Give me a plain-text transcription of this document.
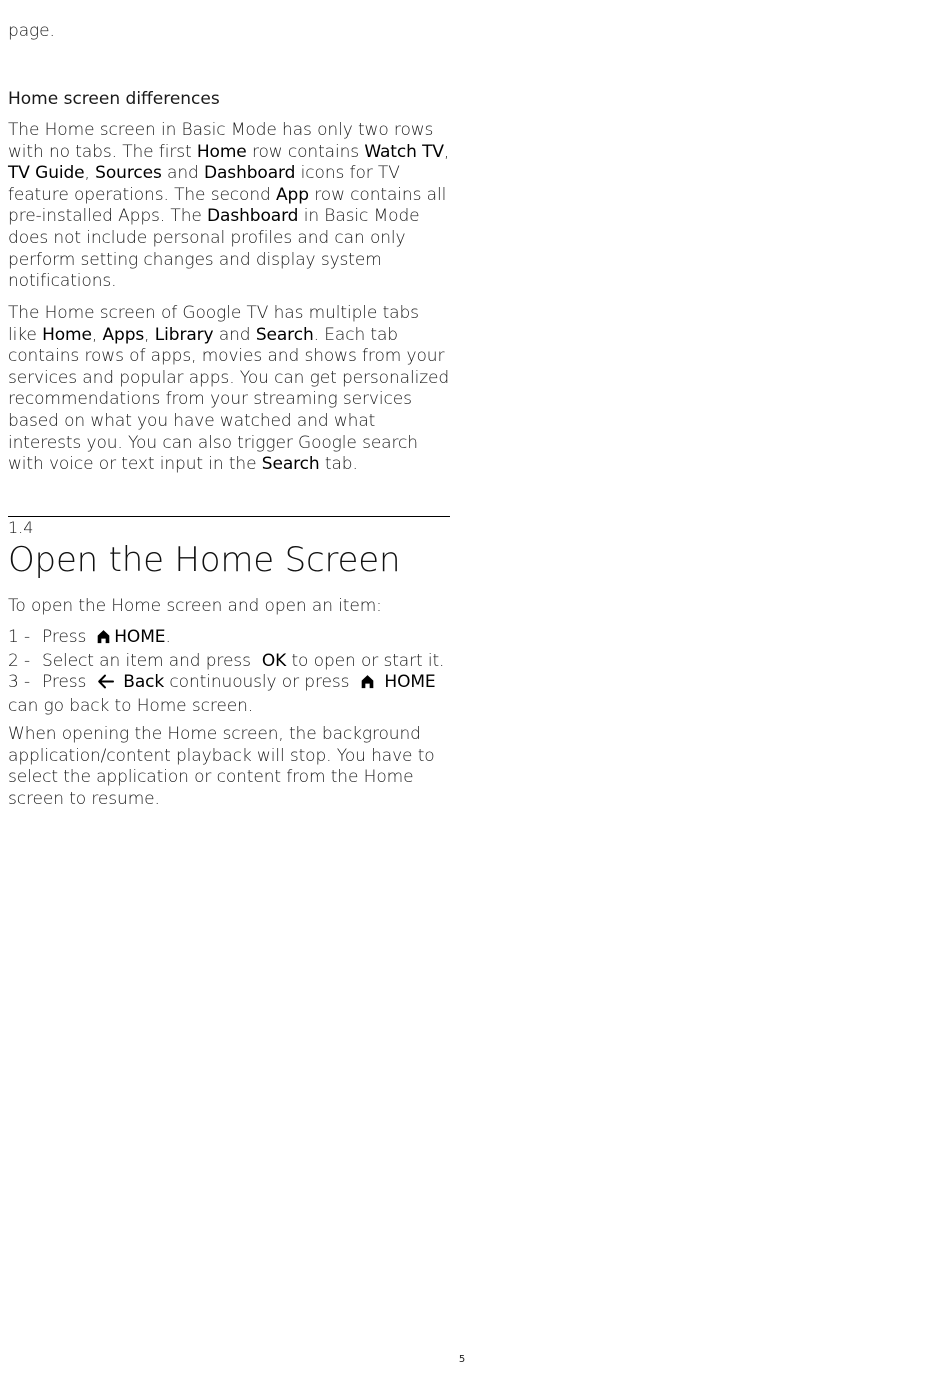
page.

Home screen differences

The Home screen in Basic Mode has only two rows with no tabs. The first Home row contains Watch TV, TV Guide, Sources and Dashboard icons for TV feature operations. The second App row contains all pre-installed Apps. The Dashboard in Basic Mode does not include personal profiles and can only perform setting changes and display system notifications.

The Home screen of Google TV has multiple tabs like Home, Apps, Library and Search. Each tab contains rows of apps, movies and shows from your services and popular apps. You can get personalized recommendations from your streaming services based on what you have watched and what interests you. You can also trigger Google search with voice or text input in the Search tab.

1.4
Open the Home Screen

To open the Home screen and open an item:

1 - Press HOME.
2 - Select an item and press OK to open or start it.
3 - Press Back continuously or press HOME
can go back to Home screen.

When opening the Home screen, the background application/content playback will stop. You have to select the application or content from the Home screen to resume.

5
